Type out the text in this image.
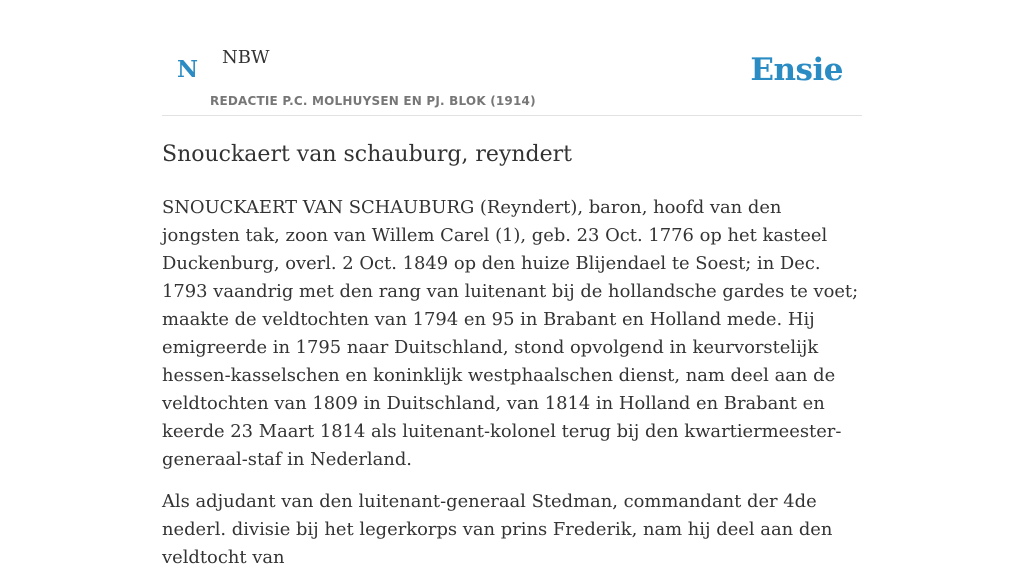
N NBW
REDACTIE P.C. MOLHUYSEN EN PJ. BLOK (1914)
Ensie
Snouckaert van schauburg, reyndert

SNOUCKAERT VAN SCHAUBURG (Reyndert), baron, hoofd van den jongsten tak, zoon van Willem Carel (1), geb. 23 Oct. 1776 op het kasteel Duckenburg, overl. 2 Oct. 1849 op den huize Blijendael te Soest; in Dec. 1793 vaandrig met den rang van luitenant bij de hollandsche gardes te voet; maakte de veldtochten van 1794 en 95 in Brabant en Holland mede. Hij emigreerde in 1795 naar Duitschland, stond opvolgend in keurvorstelijk hessen-kasselschen en koninklijk westphaalschen dienst, nam deel aan de veldtochten van 1809 in Duitschland, van 1814 in Holland en Brabant en keerde 23 Maart 1814 als luitenant-kolonel terug bij den kwartiermeester-generaal-staf in Nederland.

Als adjudant van den luitenant-generaal Stedman, commandant der 4de nederl. divisie bij het legerkorps van prins Frederik, nam hij deel aan den veldtocht van
